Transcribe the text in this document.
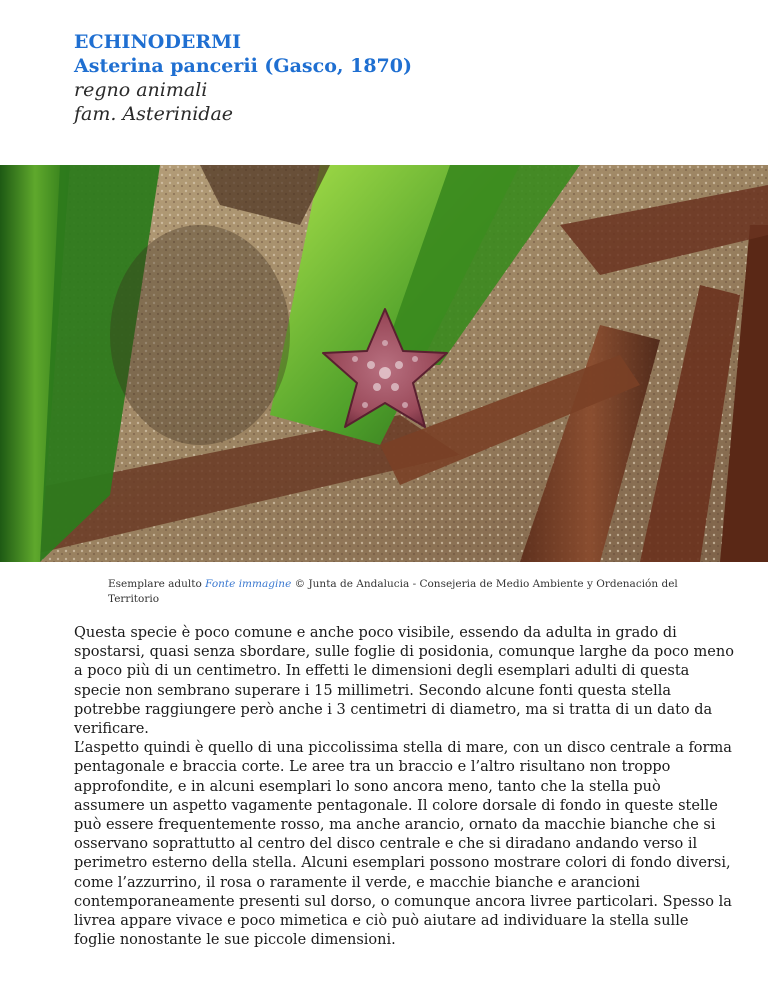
ECHINODERMI
Asterina pancerii (Gasco, 1870)
regno animali
fam. Asterinidae
Esemplare adulto Fonte immagine © Junta de Andalucia - Consejeria de Medio Ambiente y Ordenación del Territorio

Questa specie è poco comune e anche poco visibile, essendo da adulta in grado di spostarsi, quasi senza sbordare, sulle foglie di posidonia, comunque larghe da poco meno a poco più di un centimetro. In effetti le dimensioni degli esemplari adulti di questa specie non sembrano superare i 15 millimetri. Secondo alcune fonti questa stella potrebbe raggiungere però anche i 3 centimetri di diametro, ma si tratta di un dato da verificare.

L’aspetto quindi è quello di una piccolissima stella di mare, con un disco centrale a forma pentagonale e braccia corte. Le aree tra un braccio e l’altro risultano non troppo approfondite, e in alcuni esemplari lo sono ancora meno, tanto che la stella può assumere un aspetto vagamente pentagonale. Il colore dorsale di fondo in queste stelle può essere frequentemente rosso, ma anche arancio, ornato da macchie bianche che si osservano soprattutto al centro del disco centrale e che si diradano andando verso il perimetro esterno della stella. Alcuni esemplari possono mostrare colori di fondo diversi, come l’azzurrino, il rosa o raramente il verde, e macchie bianche e arancioni contemporaneamente presenti sul dorso, o comunque ancora livree particolari. Spesso la livrea appare vivace e poco mimetica e ciò può aiutare ad individuare la stella sulle foglie nonostante le sue piccole dimensioni.
